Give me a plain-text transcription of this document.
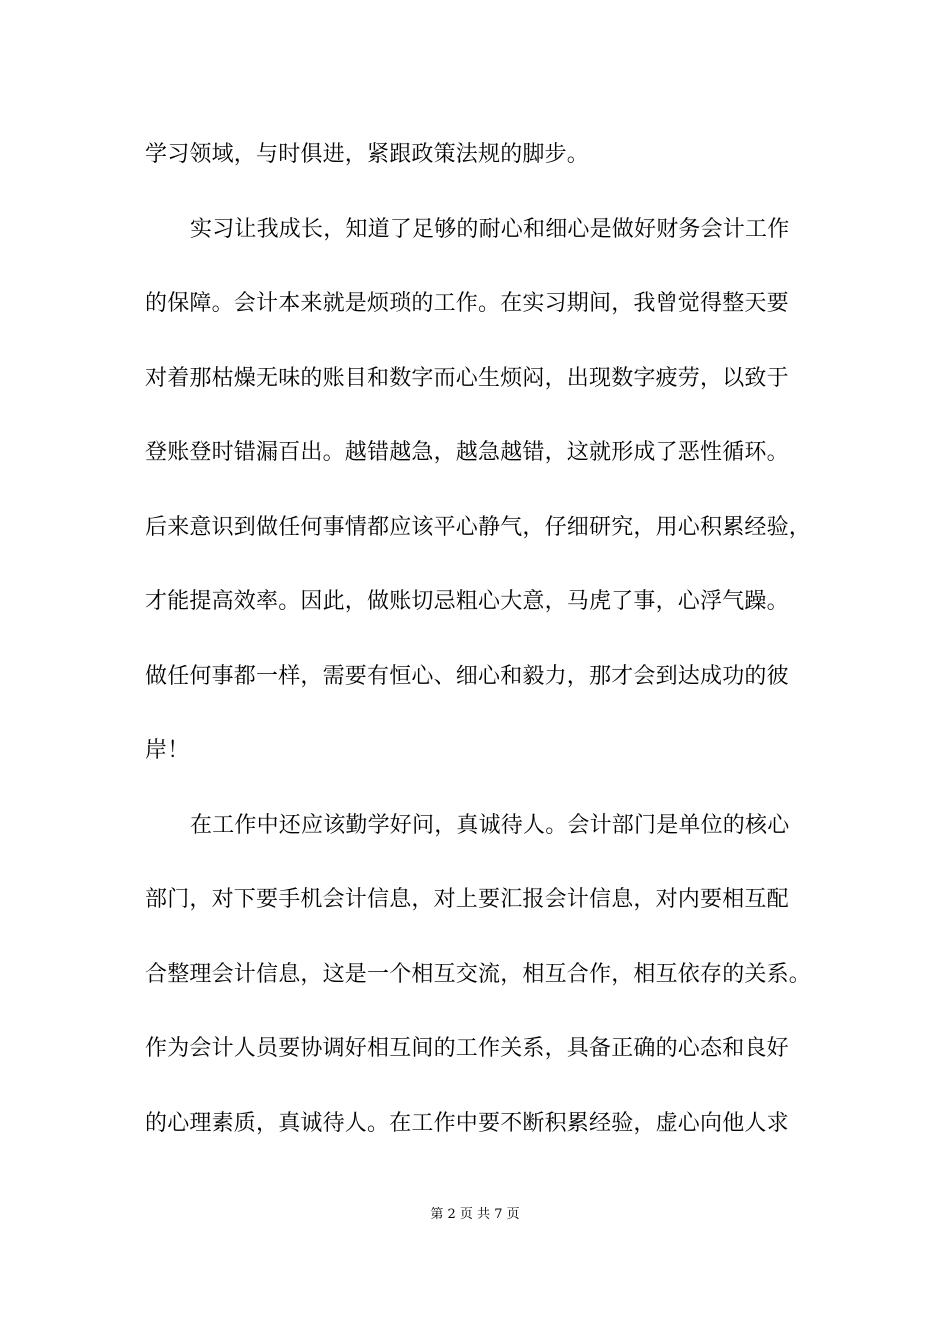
学习领域，与时俱进，紧跟政策法规的脚步。
实习让我成长，知道了足够的耐心和细心是做好财务会计工作
的保障。会计本来就是烦琐的工作。在实习期间，我曾觉得整天要
对着那枯燥无味的账目和数字而心生烦闷，出现数字疲劳，以致于
登账登时错漏百出。越错越急，越急越错，这就形成了恶性循环。
后来意识到做任何事情都应该平心静气，仔细研究，用心积累经验，
才能提高效率。因此，做账切忌粗心大意，马虎了事，心浮气躁。
做任何事都一样，需要有恒心、细心和毅力，那才会到达成功的彼
岸！
在工作中还应该勤学好问，真诚待人。会计部门是单位的核心
部门，对下要手机会计信息，对上要汇报会计信息，对内要相互配
合整理会计信息，这是一个相互交流，相互合作，相互依存的关系。
作为会计人员要协调好相互间的工作关系，具备正确的心态和良好
的心理素质，真诚待人。在工作中要不断积累经验，虚心向他人求
第 2 页 共 7 页
